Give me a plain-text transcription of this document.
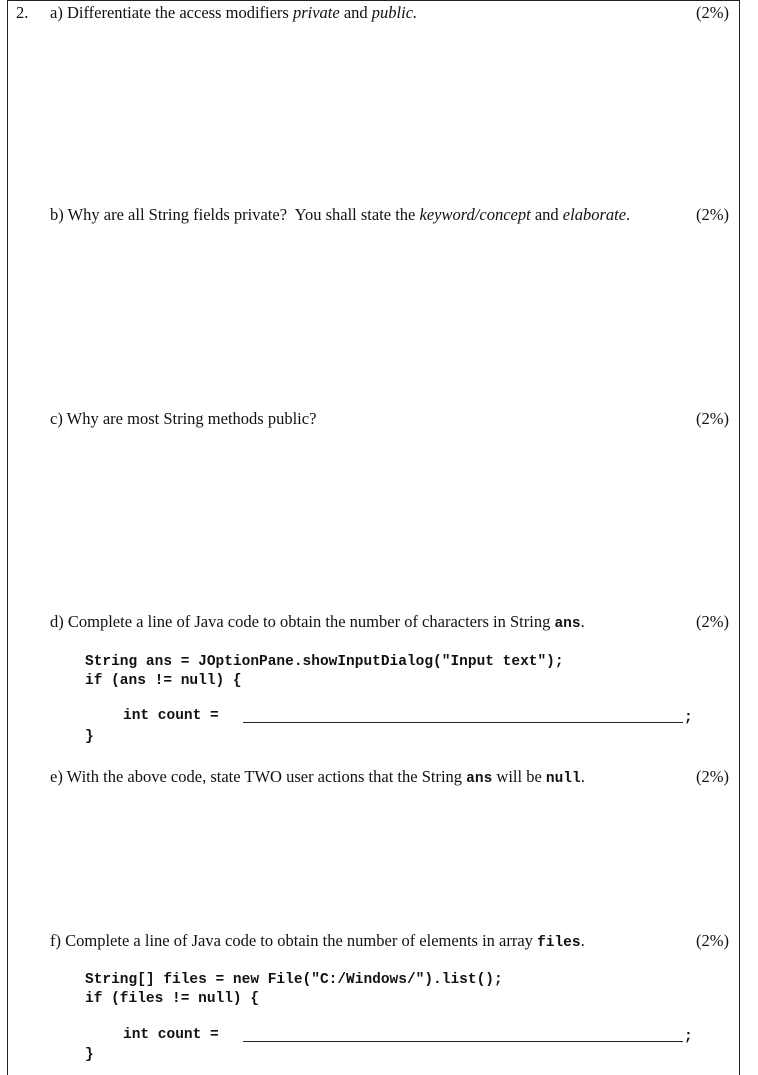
2. a) Differentiate the access modifiers private and public.	(2%)
b) Why are all String fields private?  You shall state the keyword/concept and elaborate.	(2%)
c) Why are most String methods public?	(2%)
d) Complete a line of Java code to obtain the number of characters in String ans.	(2%)
String ans = JOptionPane.showInputDialog("Input text");
if (ans != null) {
int count =	;
}
e) With the above code, state TWO user actions that the String ans will be null.	(2%)
f) Complete a line of Java code to obtain the number of elements in array files.	(2%)
String[] files = new File("C:/Windows/").list();
if (files != null) {
int count =	;
}
